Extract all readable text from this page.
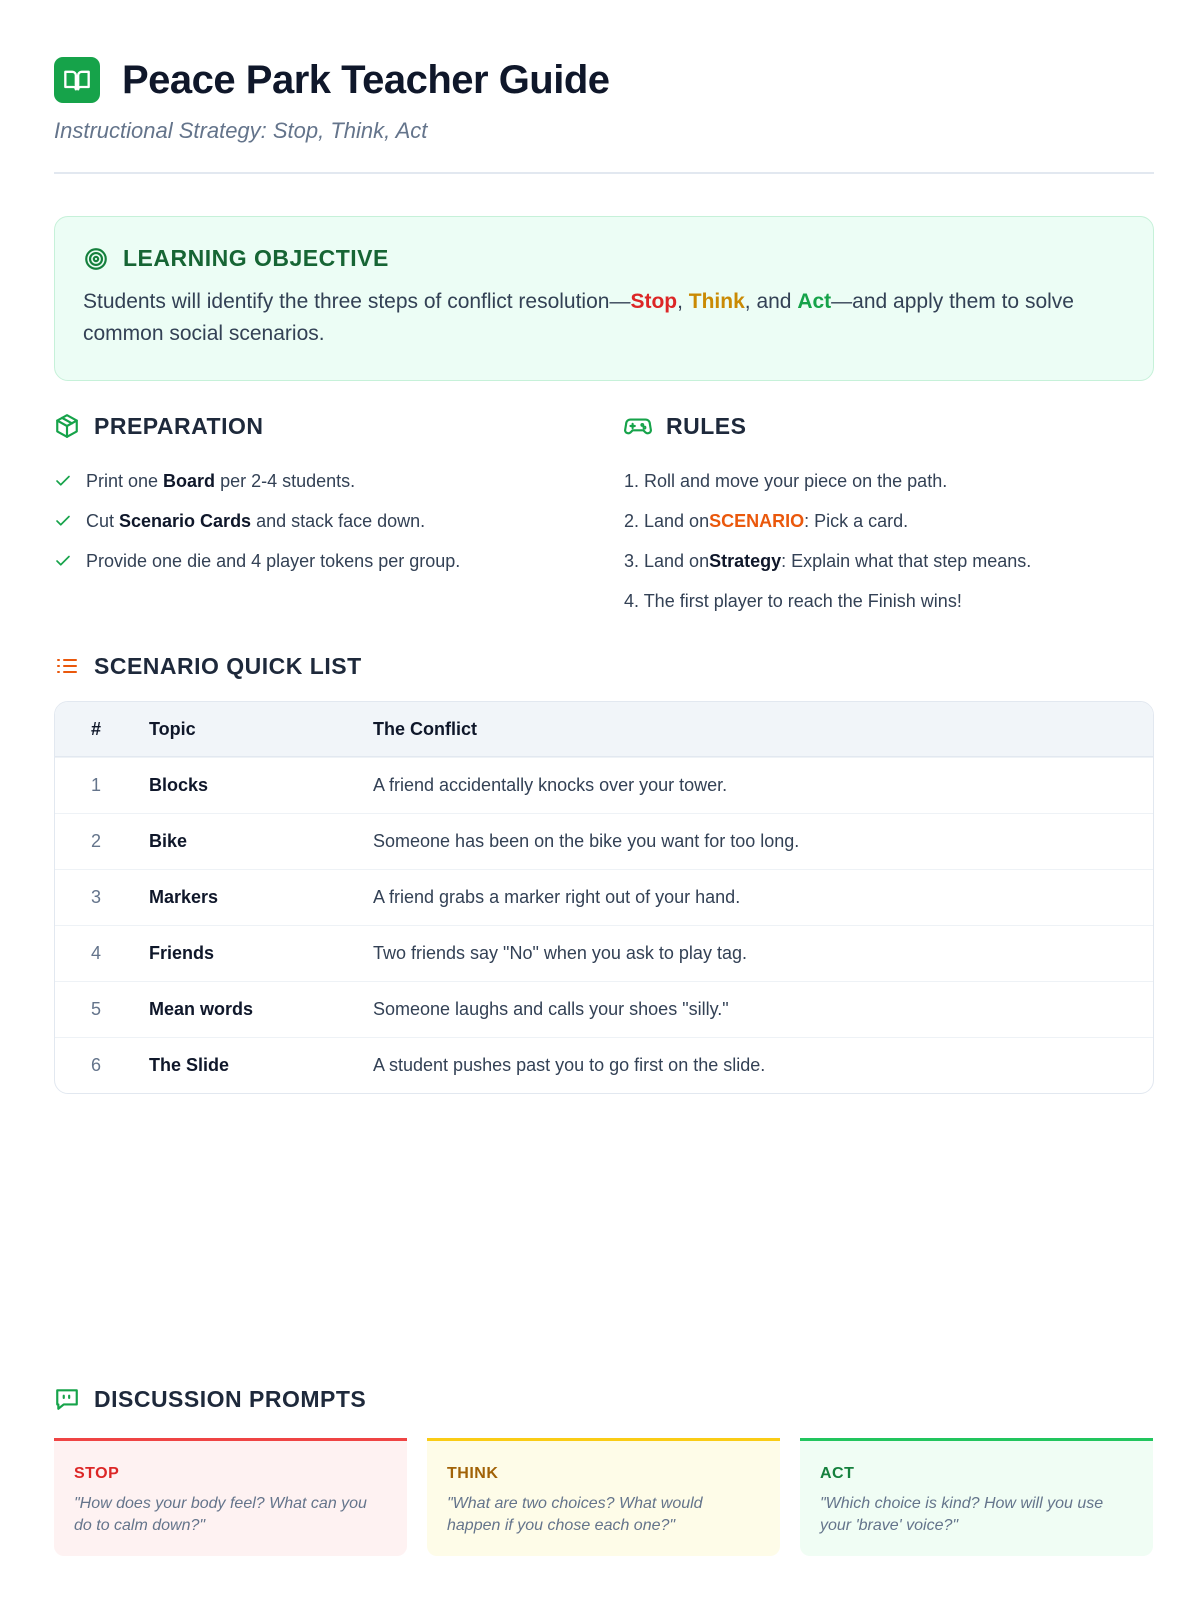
Peace Park Teacher Guide
Instructional Strategy: Stop, Think, Act
LEARNING OBJECTIVE

Students will identify the three steps of conflict resolution—Stop, Think, and Act—and apply them to solve common social scenarios.

PREPARATION
Print one Board per 2-4 students.
Cut Scenario Cards and stack face down.
Provide one die and 4 player tokens per group.
RULES
1. Roll and move your piece on the path.
2. Land on SCENARIO : Pick a card.
3. Land on Strategy : Explain what that step means.
4. The first player to reach the Finish wins!
SCENARIO QUICK LIST
#	Topic	The Conflict
1	Blocks	A friend accidentally knocks over your tower.
2	Bike	Someone has been on the bike you want for too long.
3	Markers	A friend grabs a marker right out of your hand.
4	Friends	Two friends say "No" when you ask to play tag.
5	Mean words	Someone laughs and calls your shoes "silly."
6	The Slide	A student pushes past you to go first on the slide.
DISCUSSION PROMPTS
STOP
"How does your body feel? What can you do to calm down?"
THINK
"What are two choices? What would happen if you chose each one?"
ACT
"Which choice is kind? How will you use your 'brave' voice?"
